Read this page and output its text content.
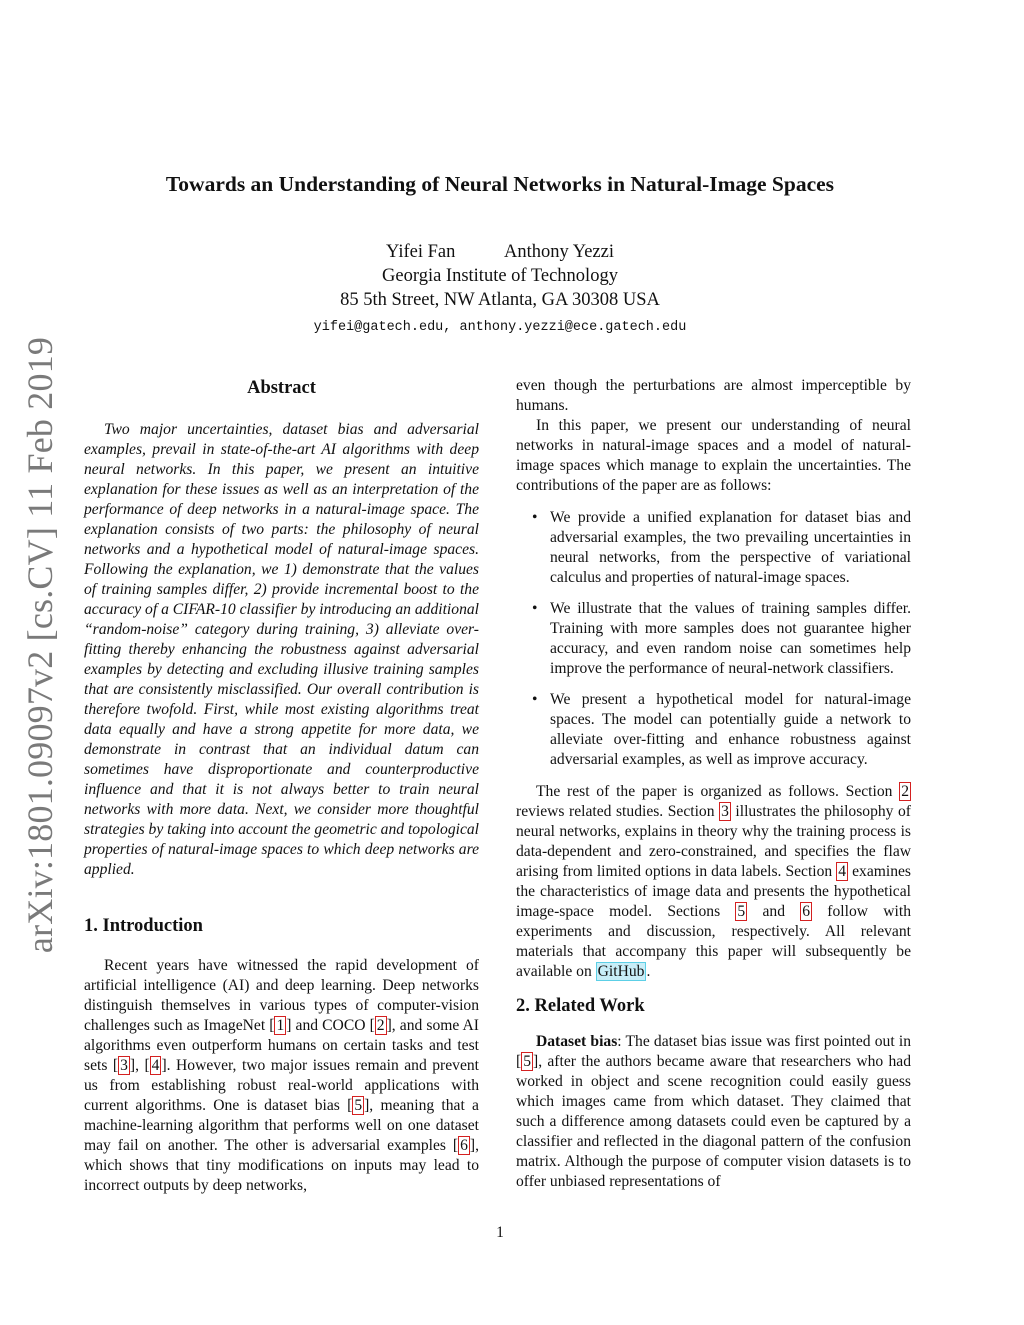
arXiv:1801.09097v2 [cs.CV] 11 Feb 2019
Towards an Understanding of Neural Networks in Natural-Image Spaces
Yifei Fan	Anthony Yezzi
Georgia Institute of Technology
85 5th Street, NW Atlanta, GA 30308 USA
yifei@gatech.edu, anthony.yezzi@ece.gatech.edu
Abstract

Two major uncertainties, dataset bias and adversarial examples, prevail in state-of-the-art AI algorithms with deep neural networks. In this paper, we present an intuitive explanation for these issues as well as an interpretation of the performance of deep networks in a natural-image space. The explanation consists of two parts: the philosophy of neural networks and a hypothetical model of natural-image spaces. Following the explanation, we 1) demonstrate that the values of training samples differ, 2) provide incremental boost to the accuracy of a CIFAR-10 classifier by introducing an additional “random-noise” category during training, 3) alleviate over-fitting thereby enhancing the robustness against adversarial examples by detecting and excluding illusive training samples that are consistently misclassified. Our overall contribution is therefore twofold. First, while most existing algorithms treat data equally and have a strong appetite for more data, we demonstrate in contrast that an individual datum can sometimes have disproportionate and counterproductive influence and that it is not always better to train neural networks with more data. Next, we consider more thoughtful strategies by taking into account the geometric and topological properties of natural-image spaces to which deep networks are applied.

1. Introduction

Recent years have witnessed the rapid development of artificial intelligence (AI) and deep learning. Deep networks distinguish themselves in various types of computer-vision challenges such as ImageNet [ 1 ] and COCO [ 2 ], and some AI algorithms even outperform humans on certain tasks and test sets [ 3 ], [ 4 ]. However, two major issues remain and prevent us from establishing robust real-world applications with current algorithms. One is dataset bias [ 5 ], meaning that a machine-learning algorithm that performs well on one dataset may fail on another. The other is adversarial examples [ 6 ], which shows that tiny modifications on inputs may lead to incorrect outputs by deep networks,

even though the perturbations are almost imperceptible by humans.

In this paper, we present our understanding of neural networks in natural-image spaces and a model of natural-image spaces which manage to explain the uncertainties. The contributions of the paper are as follows:

• We provide a unified explanation for dataset bias and adversarial examples, the two prevailing uncertainties in neural networks, from the perspective of variational calculus and properties of natural-image spaces.
• We illustrate that the values of training samples differ. Training with more samples does not guarantee higher accuracy, and even random noise can sometimes help improve the performance of neural-network classifiers.
• We present a hypothetical model for natural-image spaces. The model can potentially guide a network to alleviate over-fitting and enhance robustness against adversarial examples, as well as improve accuracy.

The rest of the paper is organized as follows. Section 2 reviews related studies. Section 3 illustrates the philosophy of neural networks, explains in theory why the training process is data-dependent and zero-constrained, and specifies the flaw arising from limited options in data labels. Section 4 examines the characteristics of image data and presents the hypothetical image-space model. Sections 5 and 6 follow with experiments and discussion, respectively. All relevant materials that accompany this paper will subsequently be available on GitHub .

2. Related Work

Dataset bias: The dataset bias issue was first pointed out in [ 5 ], after the authors became aware that researchers who had worked in object and scene recognition could easily guess which images came from which dataset. They claimed that such a difference among datasets could even be captured by a classifier and reflected in the diagonal pattern of the confusion matrix. Although the purpose of computer vision datasets is to offer unbiased representations of

1
